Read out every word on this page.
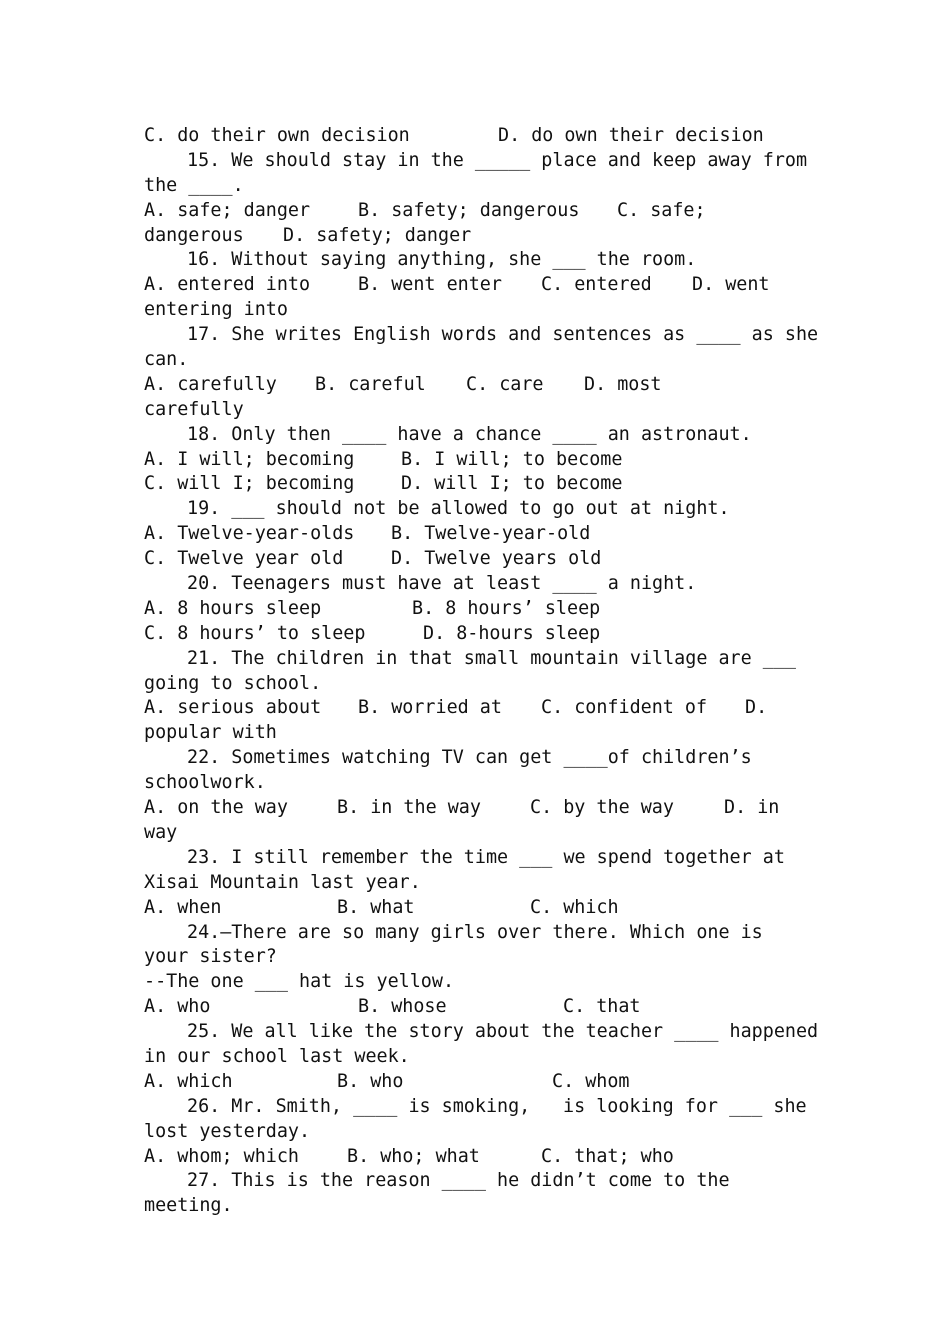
C. do their own decision

	D. do own their decision

15. We should stay in the _____ place and keep away from

the ____.

A. safe; danger

	B. safety; dangerous

C. safe;

dangerous

D. safety; danger

16. Without saying anything, she ___ the room.

A. entered into

	B. went enter

C. entered

D. went

entering into

17. She writes English words and sentences as ____ as she

can.

A. carefully

B. careful

C. care

D. most

carefully

18. Only then ____ have a chance ____ an astronaut.

A. I will; becoming

	B. I will; to become

C. will I; becoming

	D. will I; to become

19. ___ should not be allowed to go out at night.

A. Twelve-year-olds

B. Twelve-year-old

C. Twelve year old

	D. Twelve years old

20. Teenagers must have at least ____ a night.

A. 8 hours sleep

	B. 8 hours’ sleep

C. 8 hours’ to sleep

	D. 8-hours sleep

21. The children in that small mountain village are ___

going to school.

A. serious about

B. worried at

C. confident of

D.

popular with

22. Sometimes watching TV can get ____of children’s

schoolwork.

A. on the way

	B. in the way

	C. by the way

	D. in

way

23. I still remember the time ___ we spend together at

Xisai Mountain last year.

A. when

	B. what

	C. which

24.—There are so many girls over there. Which one is

your sister?

--The one ___ hat is yellow.

A. who

	B. whose

	C. that

25. We all like the story about the teacher ____ happened

in our school last week.

A. which

	B. who

	C. whom

26. Mr. Smith, ____ is smoking,

is looking for ___ she

lost yesterday.

A. whom; which

	B. who; what

	C. that; who

27. This is the reason ____ he didn’t come to the

meeting.
